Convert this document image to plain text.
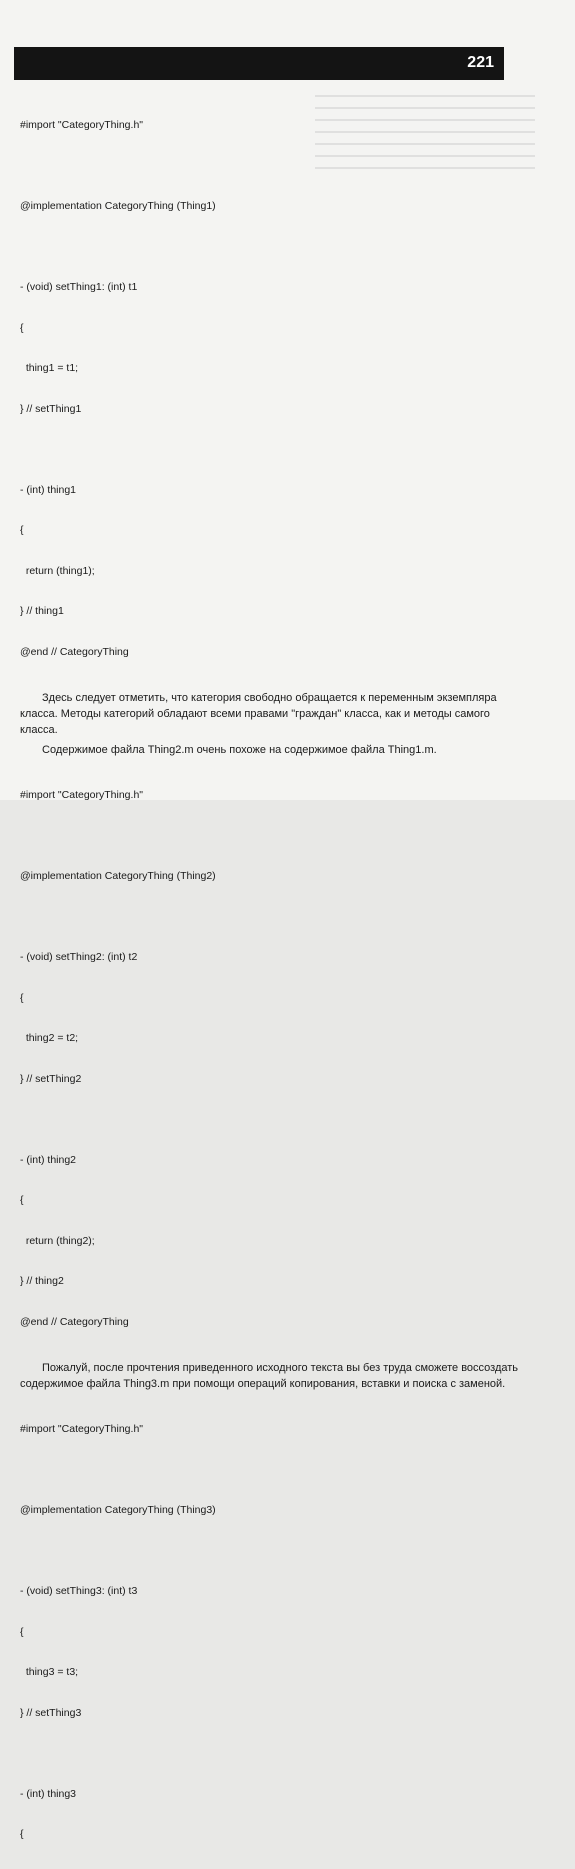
221

#import "CategoryThing.h"

@implementation CategoryThing (Thing1)

- (void) setThing1: (int) t1

{

thing1 = t1;

} // setThing1

- (int) thing1

{

return (thing1);

} // thing1

@end // CategoryThing

Здесь следует отметить, что категория свободно обращается к переменным экземпляра класса. Методы категорий обладают всеми правами "граждан" класса, как и методы самого класса.

Содержимое файла Thing2.m очень похоже на содержимое файла Thing1.m.

#import "CategoryThing.h"

@implementation CategoryThing (Thing2)

- (void) setThing2: (int) t2

{

thing2 = t2;

} // setThing2

- (int) thing2

{

return (thing2);

} // thing2

@end // CategoryThing

Пожалуй, после прочтения приведенного исходного текста вы без труда сможете воссоздать содержимое файла Thing3.m при помощи операций копирования, вставки и поиска с заменой.

#import "CategoryThing.h"

@implementation CategoryThing (Thing3)

- (void) setThing3: (int) t3

{

thing3 = t3;

} // setThing3

- (int) thing3

{
